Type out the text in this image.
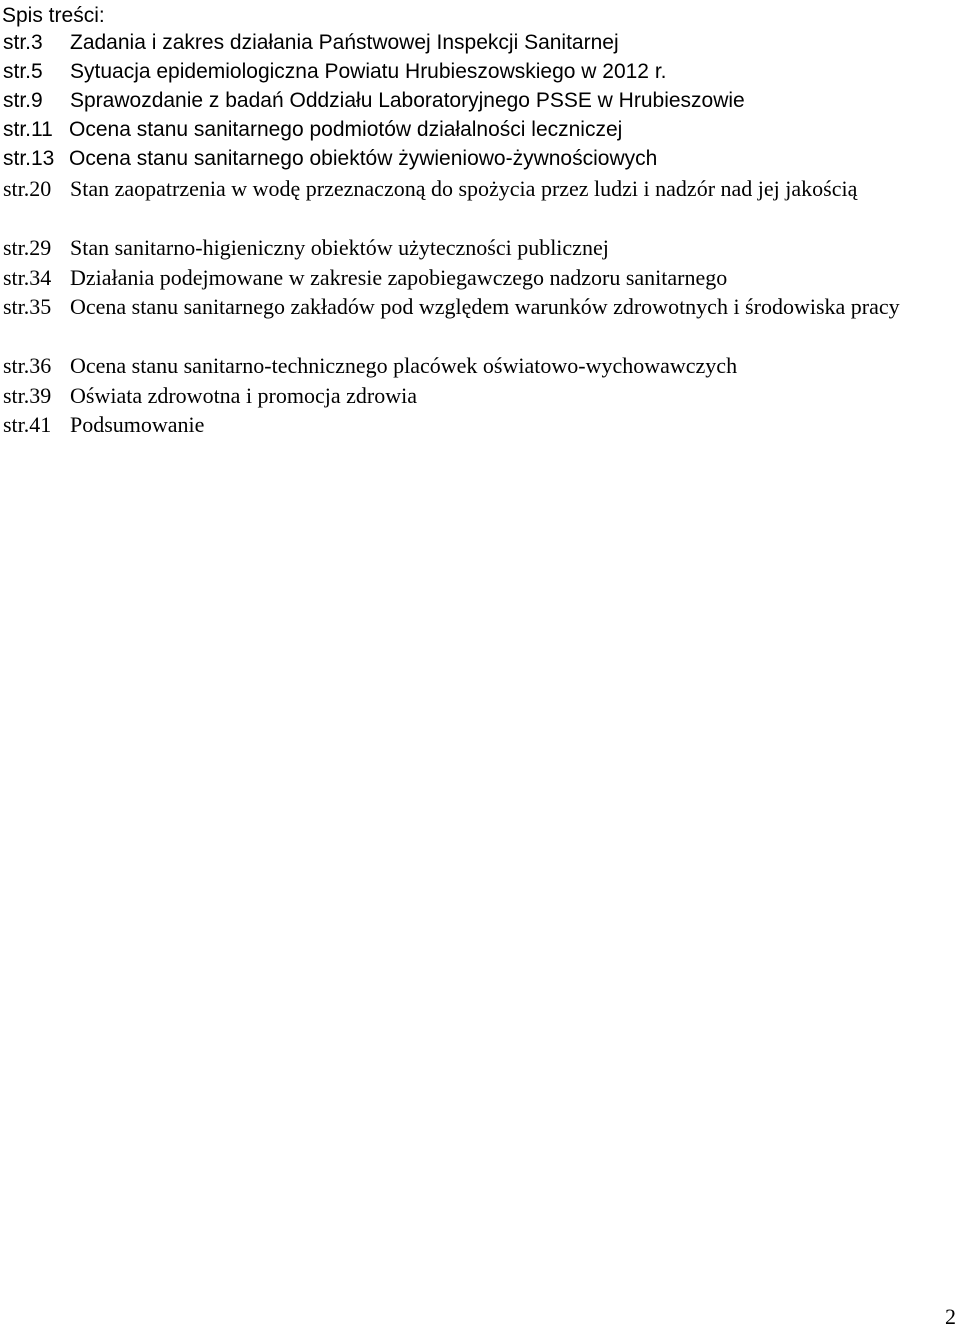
Spis treści:
str.3	Zadania i zakres działania Państwowej Inspekcji Sanitarnej
str.5	Sytuacja epidemiologiczna Powiatu Hrubieszowskiego w 2012 r.
str.9	Sprawozdanie z badań Oddziału Laboratoryjnego PSSE w Hrubieszowie
str.11 Ocena stanu sanitarnego podmiotów działalności leczniczej
str.13 Ocena stanu sanitarnego obiektów żywieniowo-żywnościowych
str.20 Stan zaopatrzenia w wodę przeznaczoną do spożycia przez ludzi i nadzór nad jej jakością
str.29 Stan sanitarno-higieniczny obiektów użyteczności publicznej
str.34 Działania podejmowane w zakresie zapobiegawczego nadzoru sanitarnego
str.35 Ocena stanu sanitarnego zakładów pod względem warunków zdrowotnych i środowiska pracy
str.36 Ocena stanu sanitarno-technicznego placówek oświatowo-wychowawczych
str.39 Oświata zdrowotna i promocja zdrowia
str.41 Podsumowanie
2
